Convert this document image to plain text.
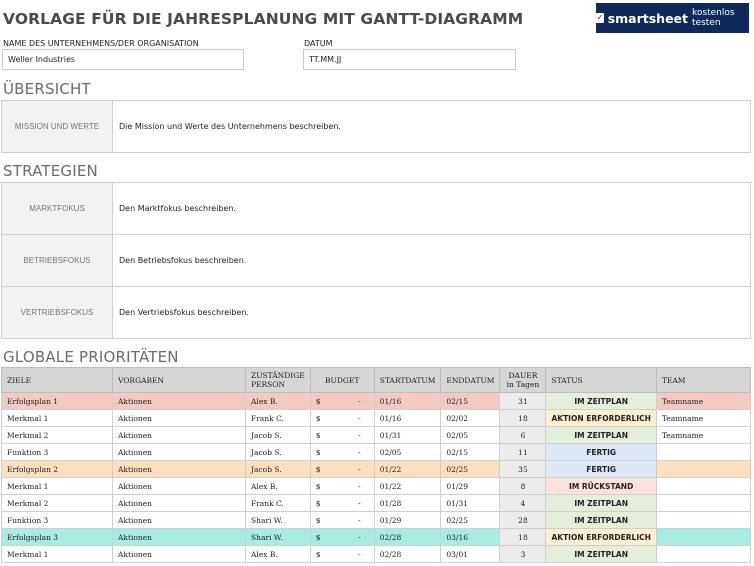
VORLAGE FÜR DIE JAHRESPLANUNG MIT GANTT-DIAGRAMM	✓ smartsheet kostenlos testen
NAME DES UNTERNEHMENS/DER ORGANISATION
Weller Industries
DATUM
TT.MM.JJ
ÜBERSICHT
MISSION UND WERTE	Die Mission und Werte des Unternehmens beschreiben.
STRATEGIEN
MARKTFOKUS	Den Marktfokus beschreiben.
BETRIEBSFOKUS	Den Betriebsfokus beschreiben.
VERTRIEBSFOKUS	Den Vertriebsfokus beschreiben.
GLOBALE PRIORITÄTEN
ZIELE	VORGABEN	ZUSTÄNDIGE PERSON	BUDGET	STARTDATUM	ENDDATUM	DAUER in Tagen	STATUS	TEAM
Erfolgsplan 1	Aktionen	Alex B.	$ -	01/16	02/15	31	IM ZEITPLAN	Teamname
Merkmal 1	Aktionen	Frank C.	$ -	01/16	02/02	18	AKTION ERFORDERLICH	Teamname
Merkmal 2	Aktionen	Jacob S.	$ -	01/31	02/05	6	IM ZEITPLAN	Teamname
Funktion 3	Aktionen	Jacob S.	$ -	02/05	02/15	11	FERTIG	
Erfolgsplan 2	Aktionen	Jacob S.	$ -	01/22	02/25	35	FERTIG	
Merkmal 1	Aktionen	Alex B.	$ -	01/22	01/29	8	IM RÜCKSTAND	
Merkmal 2	Aktionen	Frank C.	$ -	01/28	01/31	4	IM ZEITPLAN	
Funktion 3	Aktionen	Shari W.	$ -	01/29	02/25	28	IM ZEITPLAN	
Erfolgsplan 3	Aktionen	Shari W.	$ -	02/28	03/16	18	AKTION ERFORDERLICH	
Merkmal 1	Aktionen	Alex B.	$ -	02/28	03/01	3	IM ZEITPLAN	
